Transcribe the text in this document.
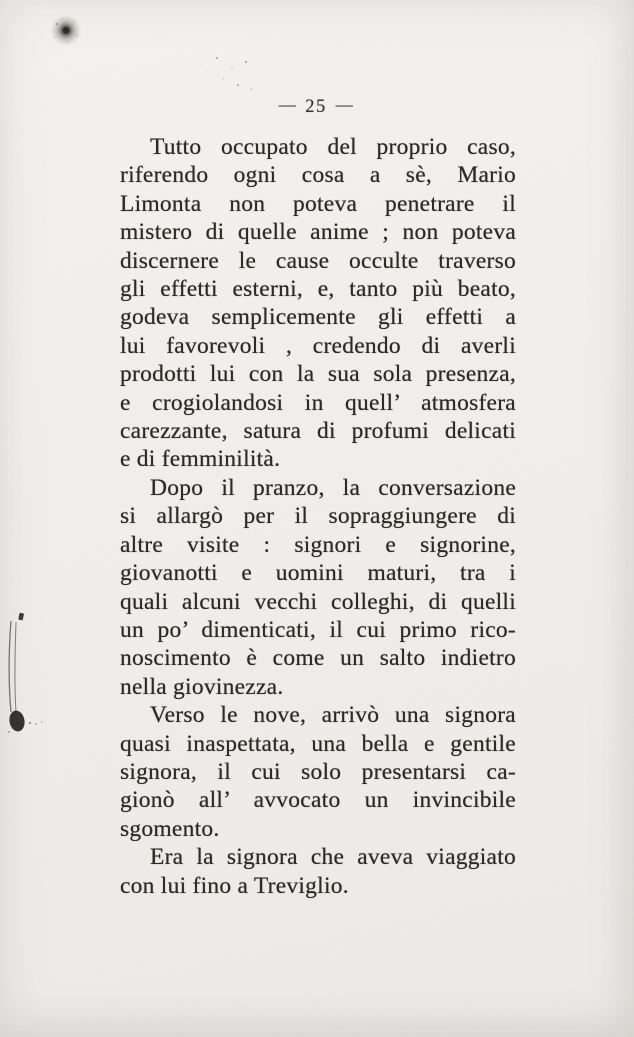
— 25 —
Tutto occupato del proprio caso,
riferendo ogni cosa a sè, Mario
Limonta non poteva penetrare il
mistero di quelle anime ; non poteva
discernere le cause occulte traverso
gli effetti esterni, e, tanto più beato,
godeva semplicemente gli effetti a
lui favorevoli , credendo di averli
prodotti lui con la sua sola presenza,
e crogiolandosi in quell’ atmosfera
carezzante, satura di profumi delicati
e di femminilità.
Dopo il pranzo, la conversazione
si allargò per il sopraggiungere di
altre visite : signori e signorine,
giovanotti e uomini maturi, tra i
quali alcuni vecchi colleghi, di quelli
un po’ dimenticati, il cui primo rico-
noscimento è come un salto indietro
nella giovinezza.
Verso le nove, arrivò una signora
quasi inaspettata, una bella e gentile
signora, il cui solo presentarsi ca-
gionò all’ avvocato un invincibile
sgomento.
Era la signora che aveva viaggiato
con lui fino a Treviglio.
